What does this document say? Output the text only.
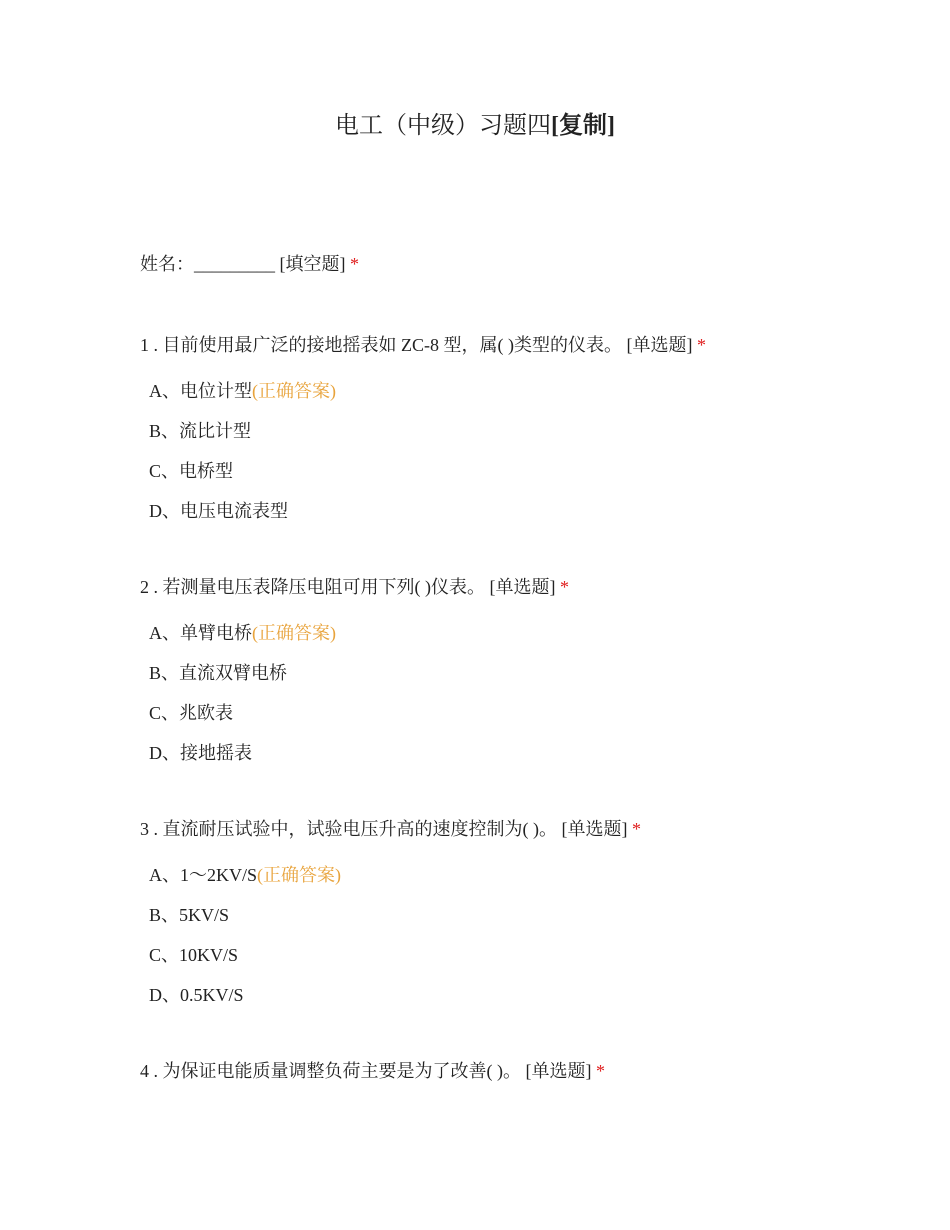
电工（中级）习题四[复制]
姓名：_________ [填空题] *
1 . 目前使用最广泛的接地摇表如 ZC-8 型，属( )类型的仪表。 [单选题] *
A、电位计型(正确答案)
B、流比计型
C、电桥型
D、电压电流表型
2 . 若测量电压表降压电阻可用下列( )仪表。 [单选题] *
A、单臂电桥(正确答案)
B、直流双臂电桥
C、兆欧表
D、接地摇表
3 . 直流耐压试验中，试验电压升高的速度控制为( )。 [单选题] *
A、1～2KV/S(正确答案)
B、5KV/S
C、10KV/S
D、0.5KV/S
4 . 为保证电能质量调整负荷主要是为了改善( )。 [单选题] *
